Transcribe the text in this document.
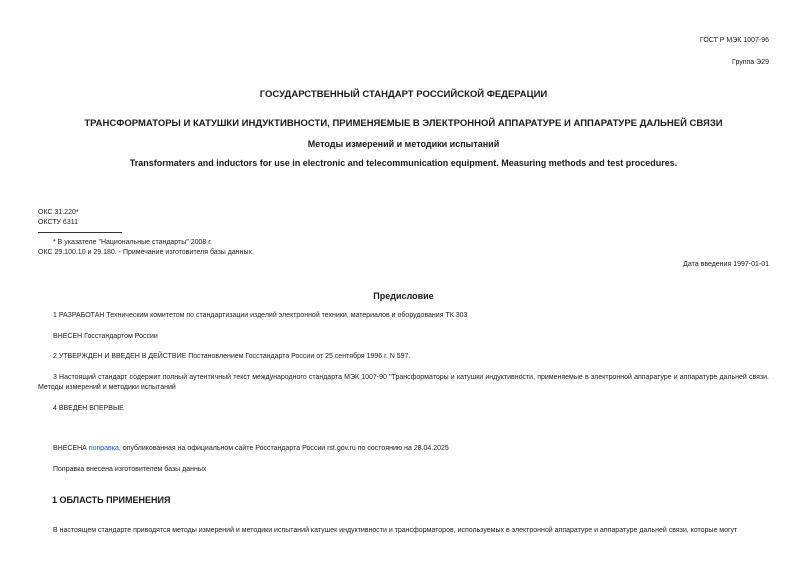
ГОСТ Р МЭК 1007-96
Группа Э29
ГОСУДАРСТВЕННЫЙ СТАНДАРТ РОССИЙСКОЙ ФЕДЕРАЦИИ
ТРАНСФОРМАТОРЫ И КАТУШКИ ИНДУКТИВНОСТИ, ПРИМЕНЯЕМЫЕ В ЭЛЕКТРОННОЙ АППАРАТУРЕ И АППАРАТУРЕ ДАЛЬНЕЙ СВЯЗИ
Методы измерений и методики испытаний
Transformaters and inductors for use in electronic and telecommunication equipment. Measuring methods and test procedures.
ОКС 31.220*
ОКСТУ 6311
* В указателе "Национальные стандарты" 2008 г.
ОКС 29.100.10 и 29.180. - Примечание изготовителя базы данных.
Дата введения 1997-01-01
Предисловие
1 РАЗРАБОТАН Техническим комитетом по стандартизации изделий электронной техники, материалов и оборудования ТК 303
ВНЕСЕН Госстандартом России
2 УТВЕРЖДЕН И ВВЕДЕН В ДЕЙСТВИЕ Постановлением Госстандарта России от 25 сентября 1996 г. N 597.
3 Настоящий стандарт содержит полный аутентичный текст международного стандарта МЭК 1007-90 "Трансформаторы и катушки индуктивности, применяемые в электронной аппаратуре и аппаратуре дальней связи. Методы измерений и методики испытаний
4 ВВЕДЕН ВПЕРВЫЕ
ВНЕСЕНА поправка, опубликованная на официальном сайте Росстандарта России rst.gov.ru по состоянию на 28.04.2025
Поправка внесена изготовителем базы данных
1 ОБЛАСТЬ ПРИМЕНЕНИЯ
В настоящем стандарте приводятся методы измерений и методики испытаний катушек индуктивности и трансформаторов, используемых в электронной аппаратуре и аппаратуре дальней связи, которые могут
